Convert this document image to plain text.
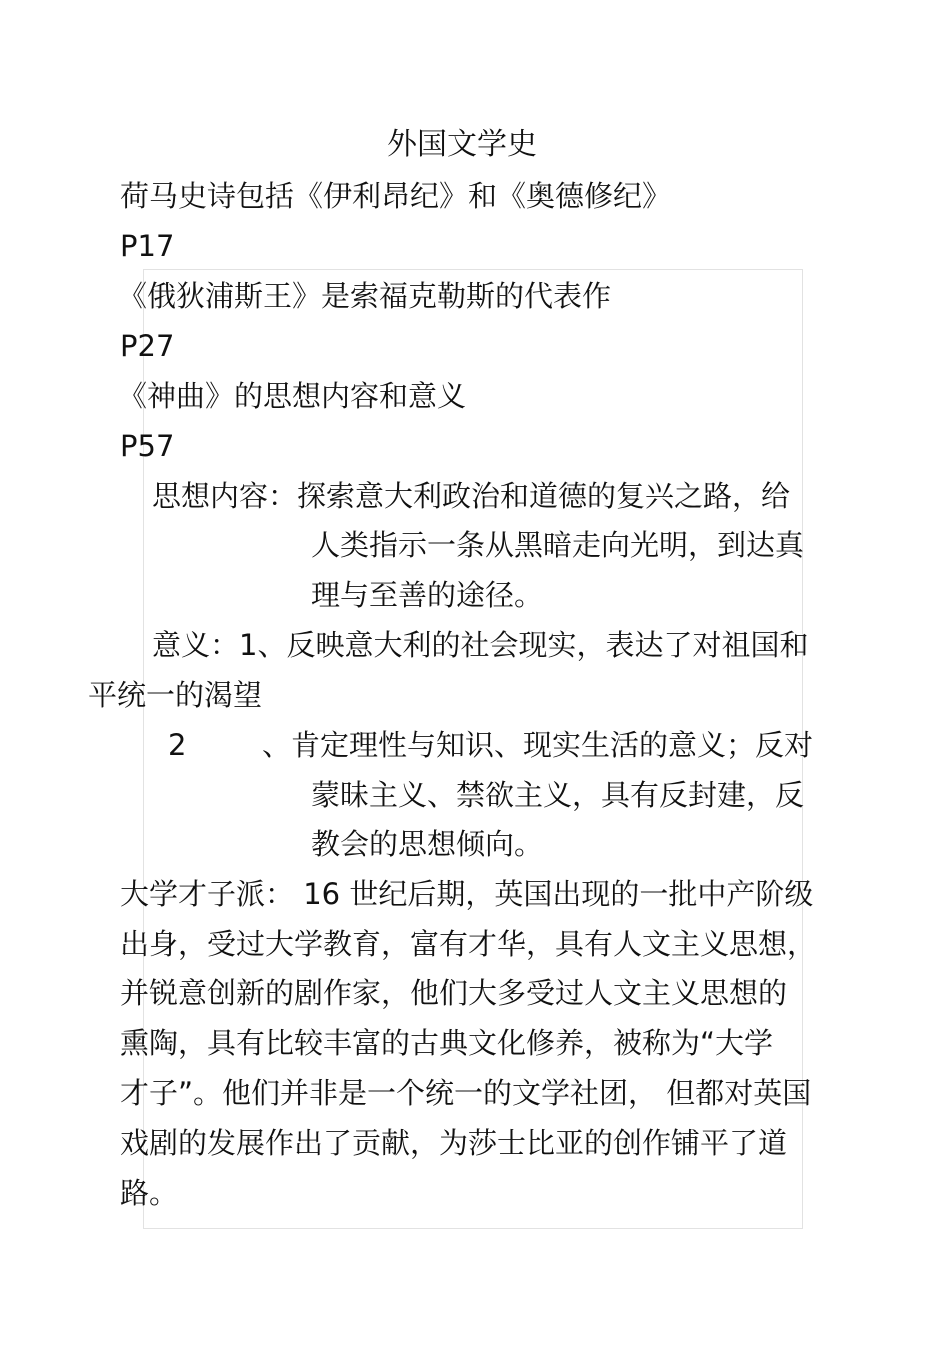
外国文学史
荷马史诗包括《伊利昂纪》和《奥德修纪》
P17
《俄狄浦斯王》是索福克勒斯的代表作
P27
《神曲》的思想内容和意义
P57
思想内容：探索意大利政治和道德的复兴之路，给
人类指示一条从黑暗走向光明，到达真
理与至善的途径。
意义：1、反映意大利的社会现实，表达了对祖国和
平统一的渴望
2	、肯定理性与知识、现实生活的意义；反对
蒙昧主义、禁欲主义，具有反封建，反
教会的思想倾向。
大学才子派： 16 世纪后期，英国出现的一批中产阶级
出身，受过大学教育，富有才华，具有人文主义思想，
并锐意创新的剧作家，他们大多受过人文主义思想的
熏陶，具有比较丰富的古典文化修养，被称为“大学
才子”。他们并非是一个统一的文学社团， 但都对英国
戏剧的发展作出了贡献，为莎士比亚的创作铺平了道
路。
